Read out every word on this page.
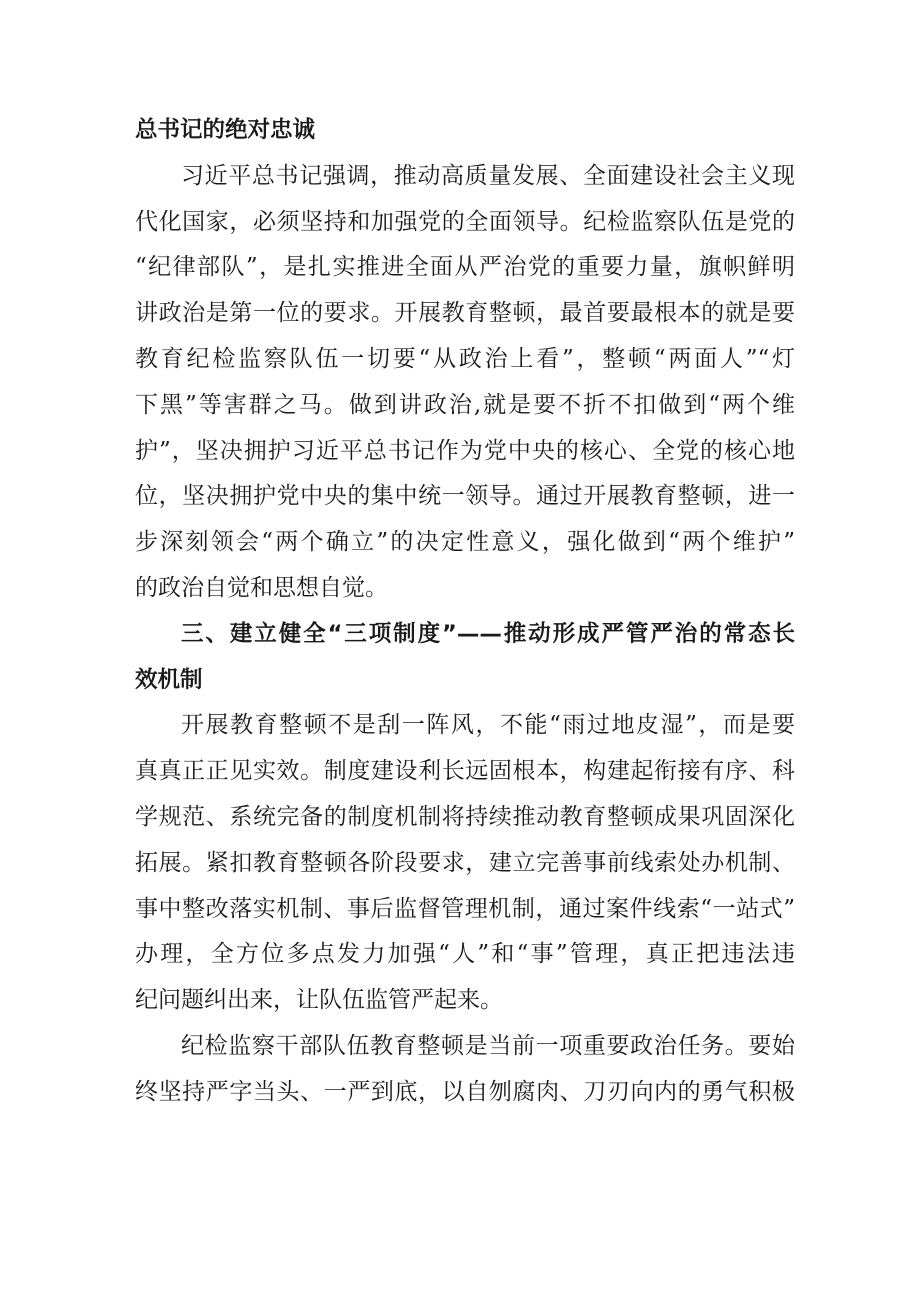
总书记的绝对忠诚
习近平总书记强调，推动高质量发展、全面建设社会主义现
代化国家，必须坚持和加强党的全面领导。纪检监察队伍是党的
“纪律部队”，是扎实推进全面从严治党的重要力量，旗帜鲜明
讲政治是第一位的要求。开展教育整顿，最首要最根本的就是要
教育纪检监察队伍一切要“从政治上看”，整顿“两面人”“灯
下黑”等害群之马。做到讲政治,就是要不折不扣做到“两个维
护”，坚决拥护习近平总书记作为党中央的核心、全党的核心地
位，坚决拥护党中央的集中统一领导。通过开展教育整顿，进一
步深刻领会“两个确立”的决定性意义，强化做到“两个维护”
的政治自觉和思想自觉。
三、建立健全“三项制度”——推动形成严管严治的常态长
效机制
开展教育整顿不是刮一阵风，不能“雨过地皮湿”，而是要
真真正正见实效。制度建设利长远固根本，构建起衔接有序、科
学规范、系统完备的制度机制将持续推动教育整顿成果巩固深化
拓展。紧扣教育整顿各阶段要求，建立完善事前线索处办机制、
事中整改落实机制、事后监督管理机制，通过案件线索“一站式”
办理，全方位多点发力加强“人”和“事”管理，真正把违法违
纪问题纠出来，让队伍监管严起来。
纪检监察干部队伍教育整顿是当前一项重要政治任务。要始
终坚持严字当头、一严到底，以自刎腐肉、刀刃向内的勇气积极
